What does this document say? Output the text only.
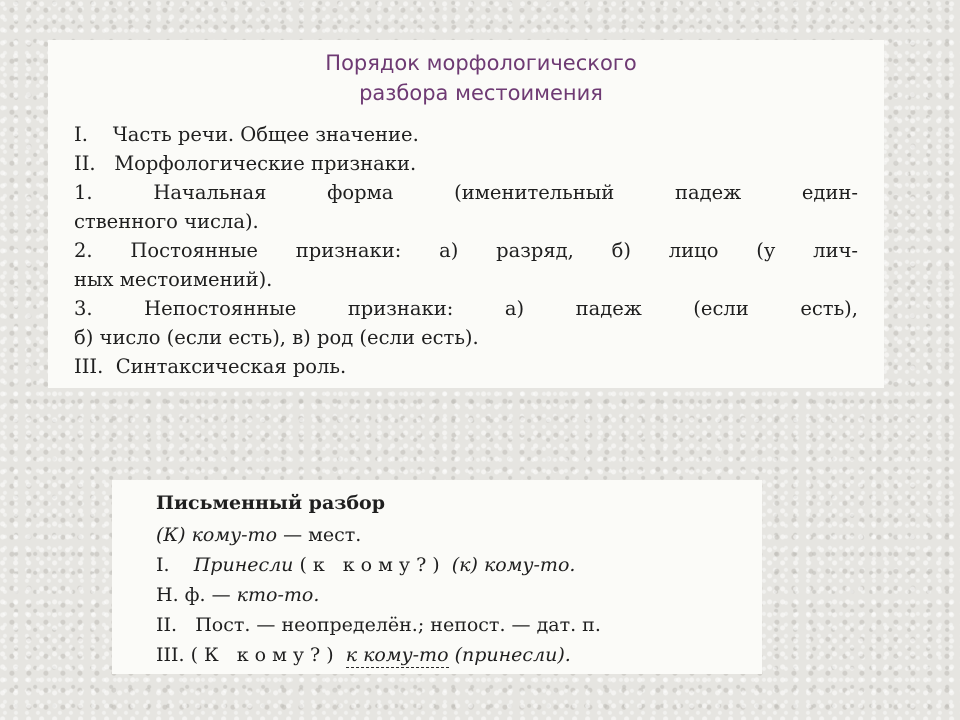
Порядок морфологического
разбора местоимения
I. Часть речи. Общее значение.
II. Морфологические признаки.
1.	Начальная форма (именительный падеж един-
ственного числа).
2. Постоянные признаки: а) разряд, б) лицо (у лич-
ных местоимений).
3.	Непостоянные признаки: а) падеж (если есть),
б) число (если есть), в) род (если есть).
III. Синтаксическая роль.
Письменный разбор
(К) кому-то — мест.
I. Принесли (к кому?) (к) кому-то.
Н. ф. — кто-то.
II. Пост. — неопределён.; непост. — дат. п.
III. (К кому?) к кому-то (принесли).
